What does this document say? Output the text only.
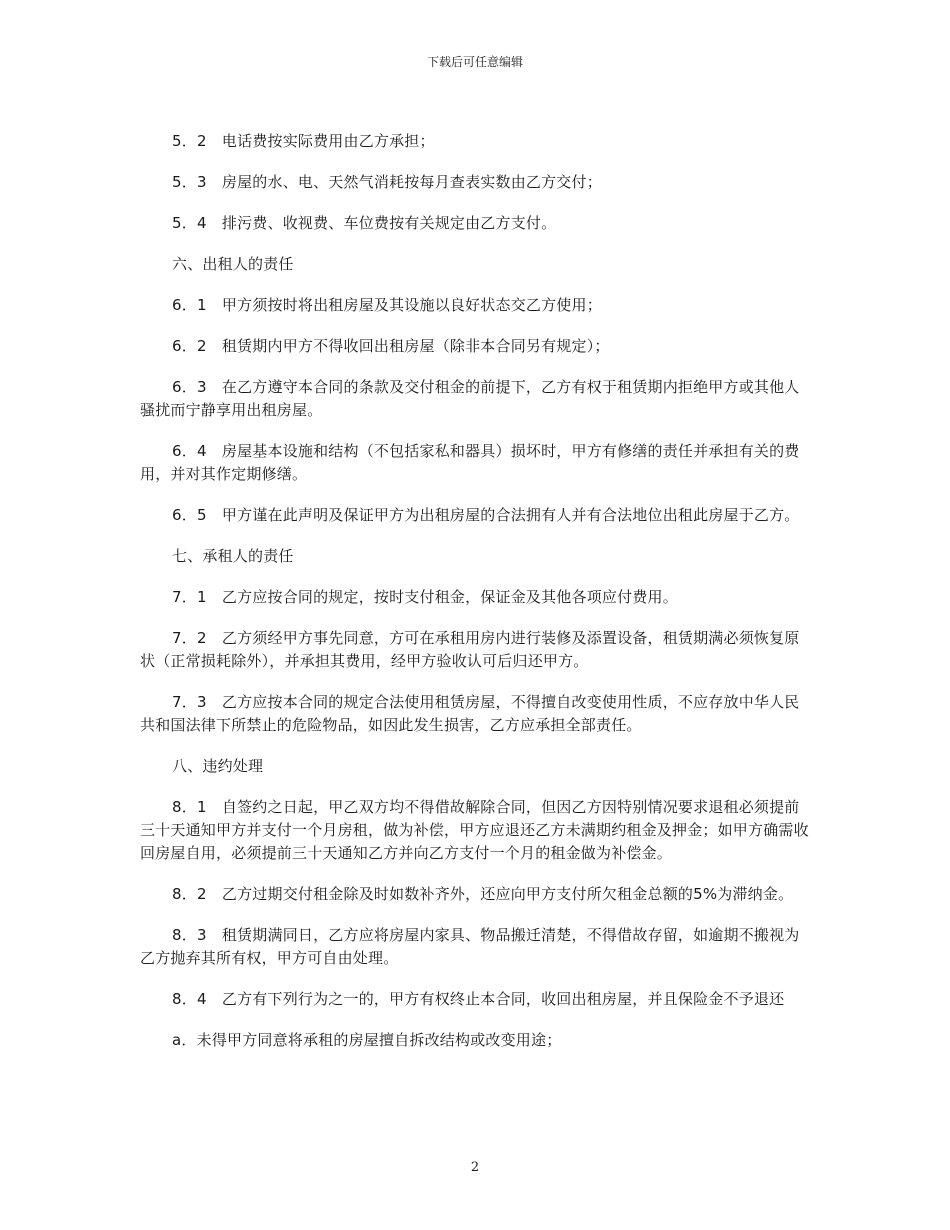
下载后可任意编辑

5．2　电话费按实际费用由乙方承担；

5．3　房屋的水、电、天然气消耗按每月查表实数由乙方交付；

5．4　排污费、收视费、车位费按有关规定由乙方支付。

六、出租人的责任

6．1　甲方须按时将出租房屋及其设施以良好状态交乙方使用；

6．2　租赁期内甲方不得收回出租房屋（除非本合同另有规定）；

6．3　在乙方遵守本合同的条款及交付租金的前提下，乙方有权于租赁期内拒绝甲方或其他人骚扰而宁静享用出租房屋。

6．4　房屋基本设施和结构（不包括家私和器具）损坏时，甲方有修缮的责任并承担有关的费用，并对其作定期修缮。

6．5　甲方谨在此声明及保证甲方为出租房屋的合法拥有人并有合法地位出租此房屋于乙方。

七、承租人的责任

7．1　乙方应按合同的规定，按时支付租金，保证金及其他各项应付费用。

7．2　乙方须经甲方事先同意，方可在承租用房内进行装修及添置设备，租赁期满必须恢复原状（正常损耗除外），并承担其费用，经甲方验收认可后归还甲方。

7．3　乙方应按本合同的规定合法使用租赁房屋，不得擅自改变使用性质，不应存放中华人民共和国法律下所禁止的危险物品，如因此发生损害，乙方应承担全部责任。

八、违约处理

8．1　自签约之日起，甲乙双方均不得借故解除合同，但因乙方因特别情况要求退租必须提前三十天通知甲方并支付一个月房租，做为补偿，甲方应退还乙方未满期约租金及押金；如甲方确需收回房屋自用，必须提前三十天通知乙方并向乙方支付一个月的租金做为补偿金。

8．2　乙方过期交付租金除及时如数补齐外，还应向甲方支付所欠租金总额的5%为滞纳金。

8．3　租赁期满同日，乙方应将房屋内家具、物品搬迁清楚，不得借故存留，如逾期不搬视为乙方抛弃其所有权，甲方可自由处理。

8．4　乙方有下列行为之一的，甲方有权终止本合同，收回出租房屋，并且保险金不予退还

a．未得甲方同意将承租的房屋擅自拆改结构或改变用途；

2
